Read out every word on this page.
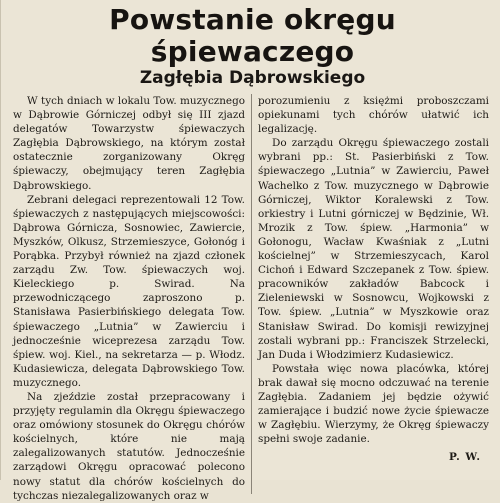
Powstanie okręgu śpiewaczego
Zagłębia Dąbrowskiego

W tych dniach w lokalu Tow. muzycznego w Dąbrowie Górniczej odbył się III zjazd delegatów Towarzystw śpiewaczych Zagłębia Dąbrowskiego, na którym został ostatecznie zorganizowany Okręg śpiewaczy, obejmujący teren Zagłębia Dąbrowskiego.

Zebrani delegaci reprezentowali 12 Tow. śpiewaczych z następujących miejscowości: Dąbrowa Górnicza, Sosnowiec, Zawiercie, Myszków, Olkusz, Strzemieszyce, Gołonóg i Porąbka. Przybył również na zjazd członek zarządu Zw. Tow. śpiewaczych woj. Kieleckiego p. Swirad. Na przewodniczącego zaproszono p. Stanisława Pasierbińskiego delegata Tow. śpiewaczego „Lutnia” w Zawierciu i jednocześnie wiceprezesa zarządu Tow. śpiew. woj. Kiel., na sekretarza — p. Włodz. Kudasiewicza, delegata Dąbrowskiego Tow. muzycznego.

Na zjeździe został przepracowany i przyjęty regulamin dla Okręgu śpiewaczego oraz omówiony stosunek do Okręgu chórów kościelnych, które nie mają zalegalizowanych statutów. Jednocześnie zarządowi Okręgu opracować polecono nowy statut dla chórów kościelnych do tychczas niezalegalizowanych oraz w

porozumieniu z księżmi proboszczami opiekunami tych chórów ułatwić ich legalizację.

Do zarządu Okręgu śpiewaczego zostali wybrani pp.: St. Pasierbiński z Tow. śpiewaczego „Lutnia” w Zawierciu, Paweł Wachelko z Tow. muzycznego w Dąbrowie Górniczej, Wiktor Koralewski z Tow. orkiestry i Lutni górniczej w Będzinie, Wł. Mrozik z Tow. śpiew. „Harmonia” w Gołonogu, Wacław Kwaśniak z „Lutni kościelnej” w Strzemieszycach, Karol Cichoń i Edward Szczepanek z Tow. śpiew. pracowników zakładów Babcock i Zieleniewski w Sosnowcu, Wojkowski z Tow. śpiew. „Lutnia” w Myszkowie oraz Stanisław Swirad. Do komisji rewizyjnej zostali wybrani pp.: Franciszek Strzelecki, Jan Duda i Włodzimierz Kudasiewicz.

Powstała więc nowa placówka, której brak dawał się mocno odczuwać na terenie Zagłębia. Zadaniem jej będzie ożywić zamierające i budzić nowe życie śpiewacze w Zagłębiu. Wierzymy, że Okręg śpiewaczy spełni swoje zadanie.

P. W.
